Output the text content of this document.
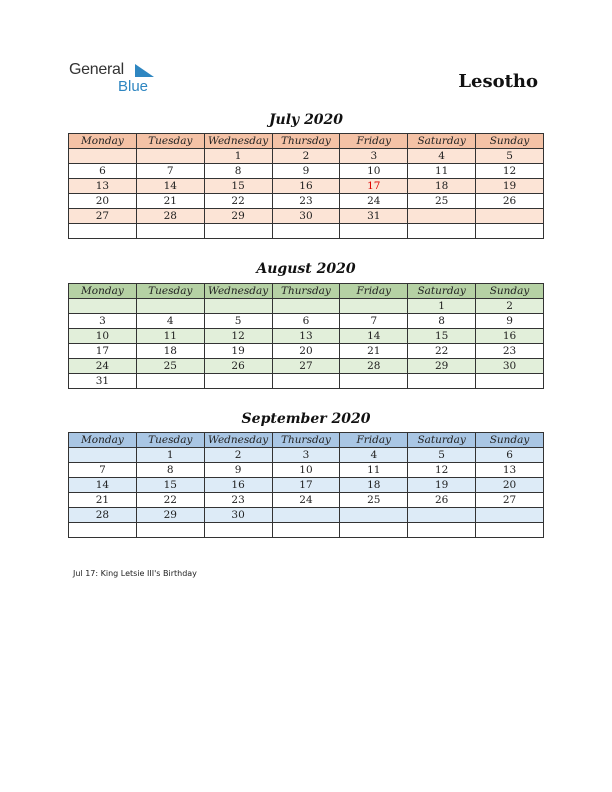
General
Blue	Lesotho
July 2020
Monday	Tuesday	Wednesday	Thursday	Friday	Saturday	Sunday
		1	2	3	4	5
6	7	8	9	10	11	12
13	14	15	16	17	18	19
20	21	22	23	24	25	26
27	28	29	30	31		

August 2020
Monday	Tuesday	Wednesday	Thursday	Friday	Saturday	Sunday
					1	2
3	4	5	6	7	8	9
10	11	12	13	14	15	16
17	18	19	20	21	22	23
24	25	26	27	28	29	30
31						
September 2020
Monday	Tuesday	Wednesday	Thursday	Friday	Saturday	Sunday
	1	2	3	4	5	6
7	8	9	10	11	12	13
14	15	16	17	18	19	20
21	22	23	24	25	26	27
28	29	30				

Jul 17: King Letsie III's Birthday
